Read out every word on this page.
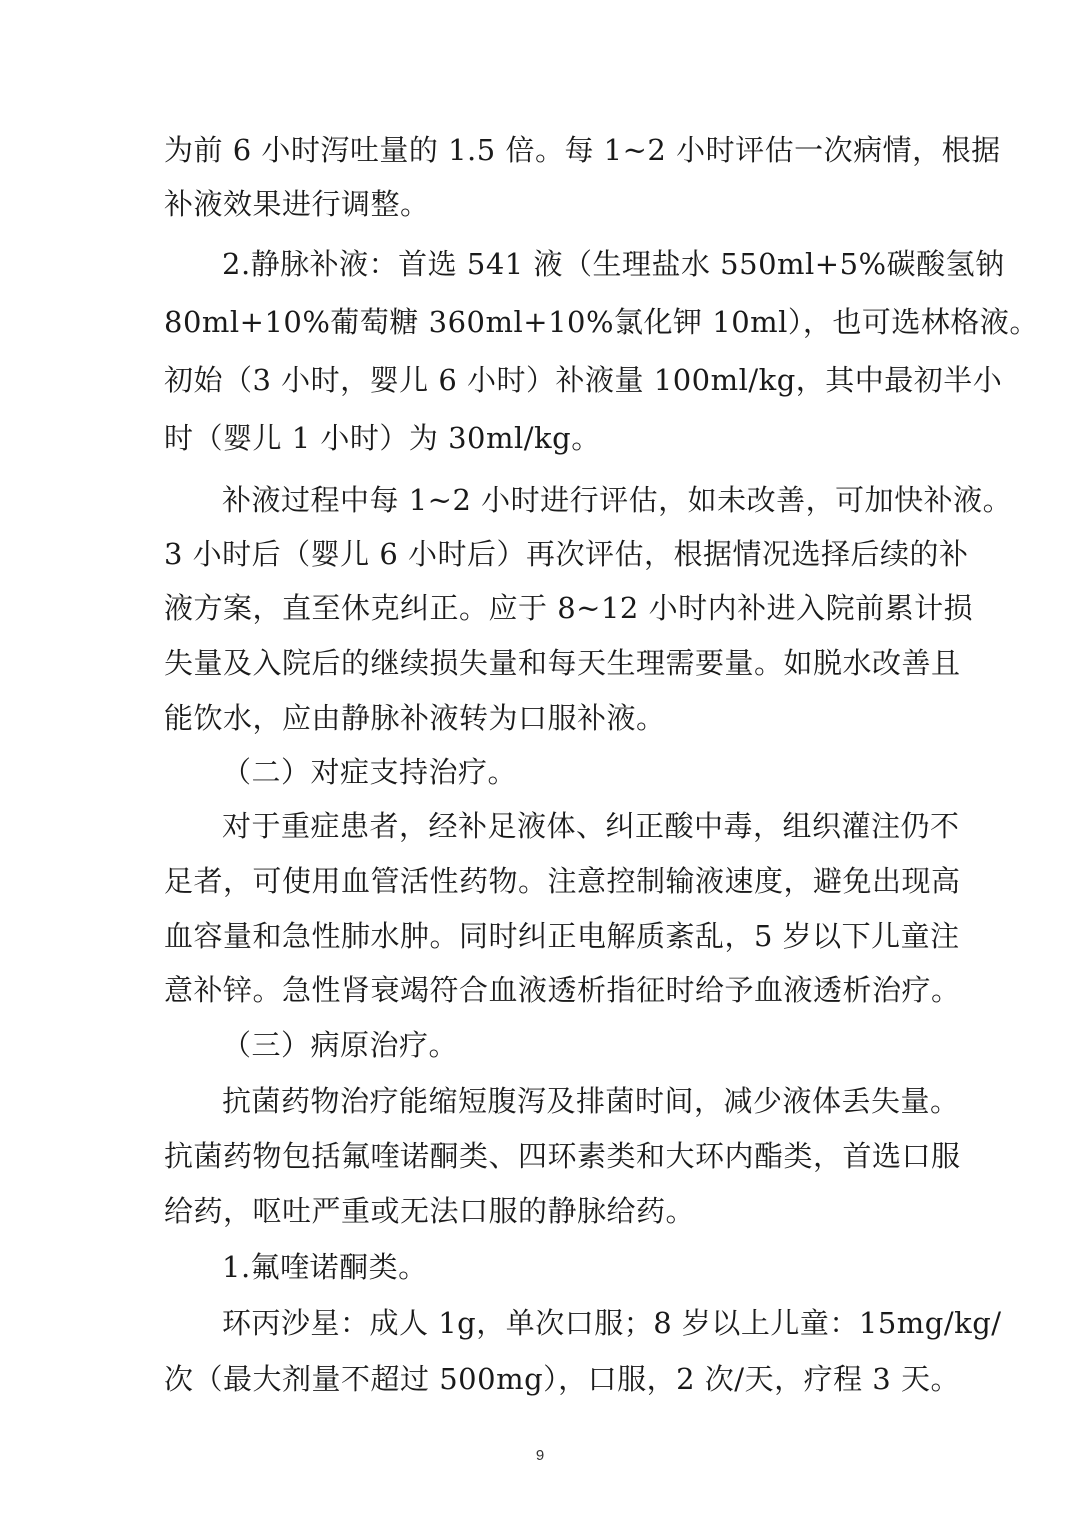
为前 6 小时泻吐量的 1.5 倍。每 1~2 小时评估一次病情，根据
补液效果进行调整。
2.静脉补液：首选 541 液（生理盐水 550ml+5%碳酸氢钠
80ml+10%葡萄糖 360ml+10%氯化钾 10ml），也可选林格液。
初始（3 小时，婴儿 6 小时）补液量 100ml/kg，其中最初半小
时（婴儿 1 小时）为 30ml/kg。
补液过程中每 1~2 小时进行评估，如未改善，可加快补液。
3 小时后（婴儿 6 小时后）再次评估，根据情况选择后续的补
液方案，直至休克纠正。应于 8~12 小时内补进入院前累计损
失量及入院后的继续损失量和每天生理需要量。如脱水改善且
能饮水，应由静脉补液转为口服补液。
（二）对症支持治疗。
对于重症患者，经补足液体、纠正酸中毒，组织灌注仍不
足者，可使用血管活性药物。注意控制输液速度，避免出现高
血容量和急性肺水肿。同时纠正电解质紊乱，5 岁以下儿童注
意补锌。急性肾衰竭符合血液透析指征时给予血液透析治疗。
（三）病原治疗。
抗菌药物治疗能缩短腹泻及排菌时间，减少液体丢失量。
抗菌药物包括氟喹诺酮类、四环素类和大环内酯类，首选口服
给药，呕吐严重或无法口服的静脉给药。
1.氟喹诺酮类。
环丙沙星：成人 1g，单次口服；8 岁以上儿童：15mg/kg/
次（最大剂量不超过 500mg），口服，2 次/天，疗程 3 天。
9
